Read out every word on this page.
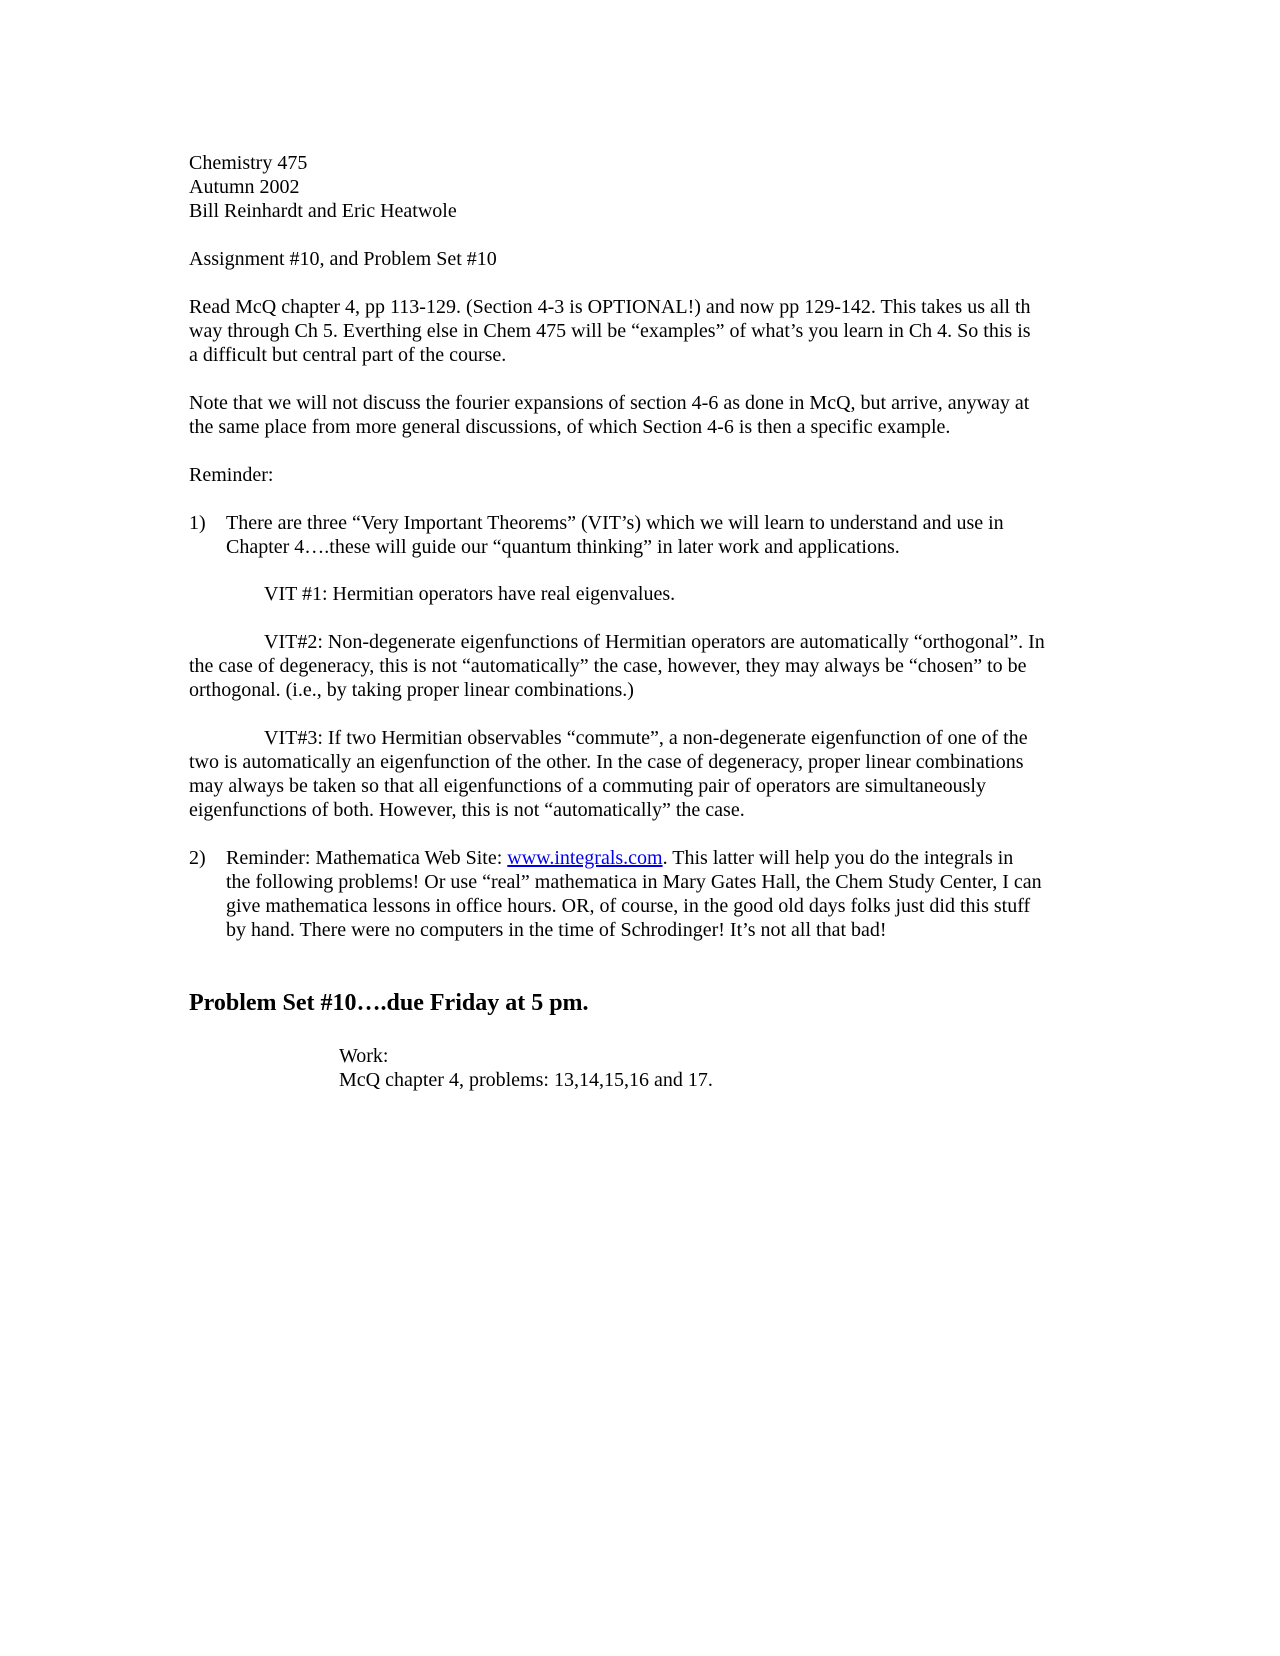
Chemistry 475
Autumn 2002
Bill Reinhardt and Eric Heatwole
Assignment #10, and Problem Set #10
Read McQ chapter 4, pp 113-129. (Section 4-3 is OPTIONAL!) and now pp 129-142. This takes us all th
way through Ch 5. Everthing else in Chem 475 will be “examples” of what’s you learn in Ch 4. So this is
a difficult but central part of the course.
Note that we will not discuss the fourier expansions of section 4-6 as done in McQ, but arrive, anyway at
the same place from more general discussions, of which Section 4-6 is then a specific example.
Reminder:
1) There are three “Very Important Theorems” (VIT’s) which we will learn to understand and use in
Chapter 4….these will guide our “quantum thinking” in later work and applications.
VIT #1: Hermitian operators have real eigenvalues.
VIT#2: Non-degenerate eigenfunctions of Hermitian operators are automatically “orthogonal”. In
the case of degeneracy, this is not “automatically” the case, however, they may always be “chosen” to be
orthogonal. (i.e., by taking proper linear combinations.)
VIT#3: If two Hermitian observables “commute”, a non-degenerate eigenfunction of one of the
two is automatically an eigenfunction of the other. In the case of degeneracy, proper linear combinations
may always be taken so that all eigenfunctions of a commuting pair of operators are simultaneously
eigenfunctions of both. However, this is not “automatically” the case.
2) Reminder: Mathematica Web Site: www.integrals.com. This latter will help you do the integrals in
the following problems! Or use “real” mathematica in Mary Gates Hall, the Chem Study Center, I can
give mathematica lessons in office hours. OR, of course, in the good old days folks just did this stuff
by hand. There were no computers in the time of Schrodinger! It’s not all that bad!
Problem Set #10….due Friday at 5 pm.
Work:
McQ chapter 4, problems: 13,14,15,16 and 17.
